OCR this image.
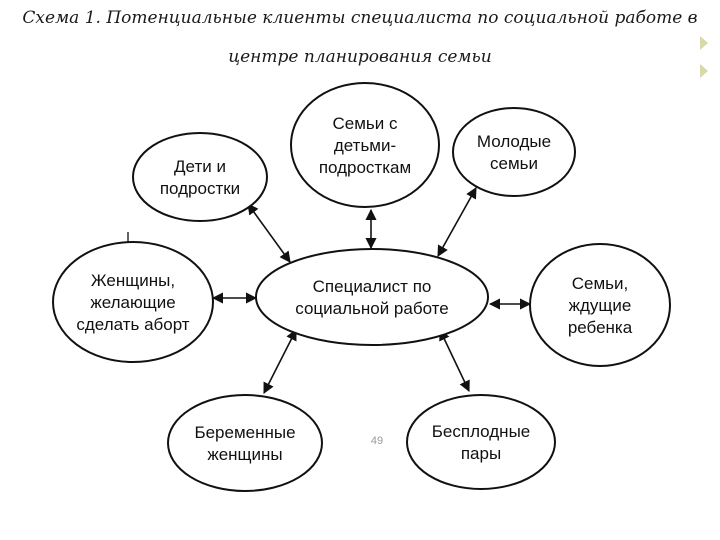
Схема 1. Потенциальные клиенты специалиста по социальной работе в
центре планирования семьи
Специалист по
социальной работе
Дети и
подростки
Семьи с
детьми-
подросткам
Молодые
семьи
Женщины,
желающие
сделать аборт
Семьи,
ждущие
ребенка
Беременные
женщины
Бесплодные
пары
49
